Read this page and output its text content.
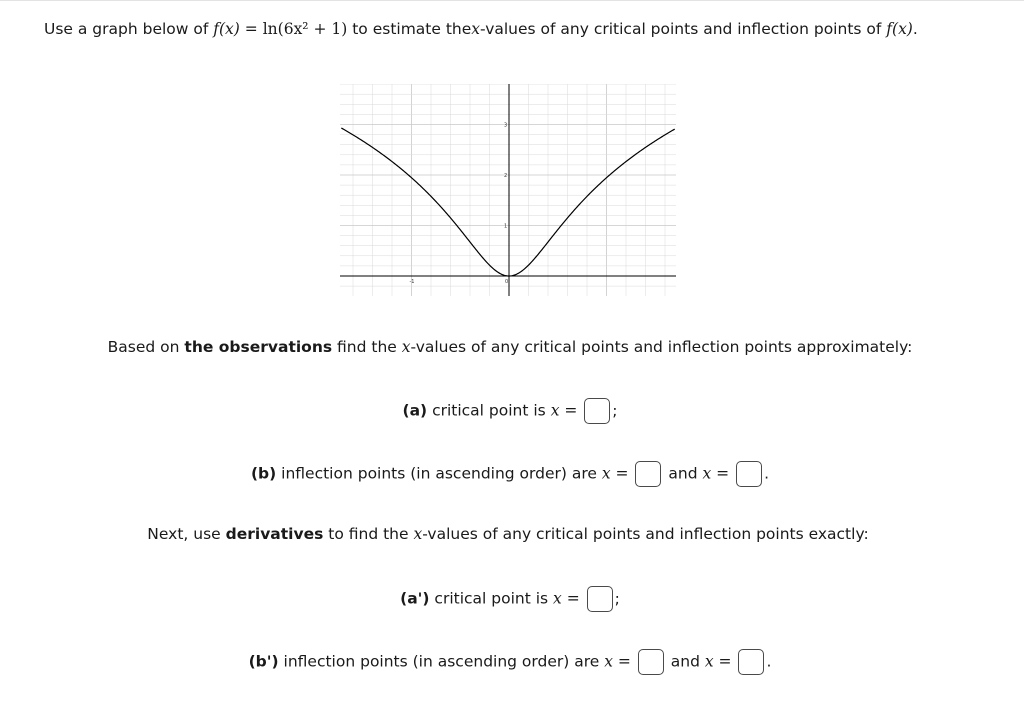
Use a graph below of f(x) = ln(6x² + 1) to estimate thex-values of any critical points and inflection points of f(x).
-1	0
1
2
3
Based on the observations find the x-values of any critical points and inflection points approximately:
(a) critical point is x = ;
(b) inflection points (in ascending order) are x =	and x = .
Next, use derivatives to find the x-values of any critical points and inflection points exactly:
(a') critical point is x = ;
(b') inflection points (in ascending order) are x =	and x = .
